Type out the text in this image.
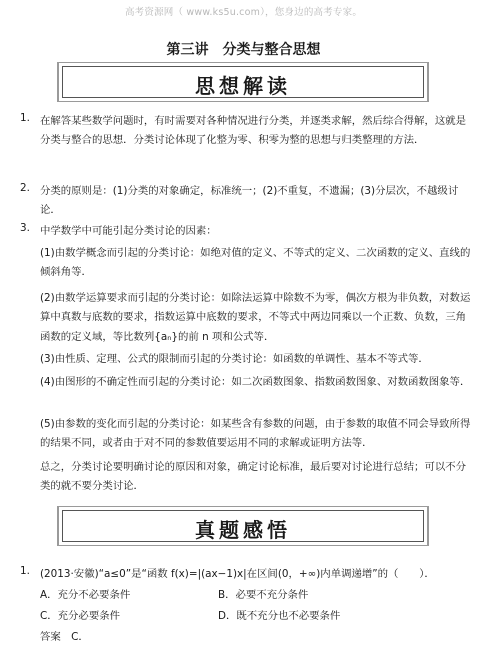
高考资源网（ www.ks5u.com），您身边的高考专家。
第三讲　分类与整合思想
思想解读
1. 在解答某些数学问题时，有时需要对各种情况进行分类，并逐类求解，然后综合得解，这就是分类与整合的思想．分类讨论体现了化整为零、积零为整的思想与归类整理的方法．
2. 分类的原则是：(1)分类的对象确定，标准统一；(2)不重复，不遗漏；(3)分层次，不越级讨论．
3. 中学数学中可能引起分类讨论的因素：
(1)由数学概念而引起的分类讨论：如绝对值的定义、不等式的定义、二次函数的定义、直线的倾斜角等．
(2)由数学运算要求而引起的分类讨论：如除法运算中除数不为零，偶次方根为非负数，对数运算中真数与底数的要求，指数运算中底数的要求，不等式中两边同乘以一个正数、负数，三角函数的定义域，等比数列{aₙ}的前 n 项和公式等．
(3)由性质、定理、公式的限制而引起的分类讨论：如函数的单调性、基本不等式等．
(4)由图形的不确定性而引起的分类讨论：如二次函数图象、指数函数图象、对数函数图象等．
(5)由参数的变化而引起的分类讨论：如某些含有参数的问题，由于参数的取值不同会导致所得的结果不同，或者由于对不同的参数值要运用不同的求解或证明方法等．
总之，分类讨论要明确讨论的原因和对象，确定讨论标准，最后要对讨论进行总结；可以不分类的就不要分类讨论．
真题感悟
1. (2013·安徽)“a≤0”是“函数 f(x)=|(ax−1)x|在区间(0，+∞)内单调递增”的（　　）．
A．充分不必要条件	B．必要不充分条件
C．充分必要条件	D．既不充分也不必要条件
答案　C．
